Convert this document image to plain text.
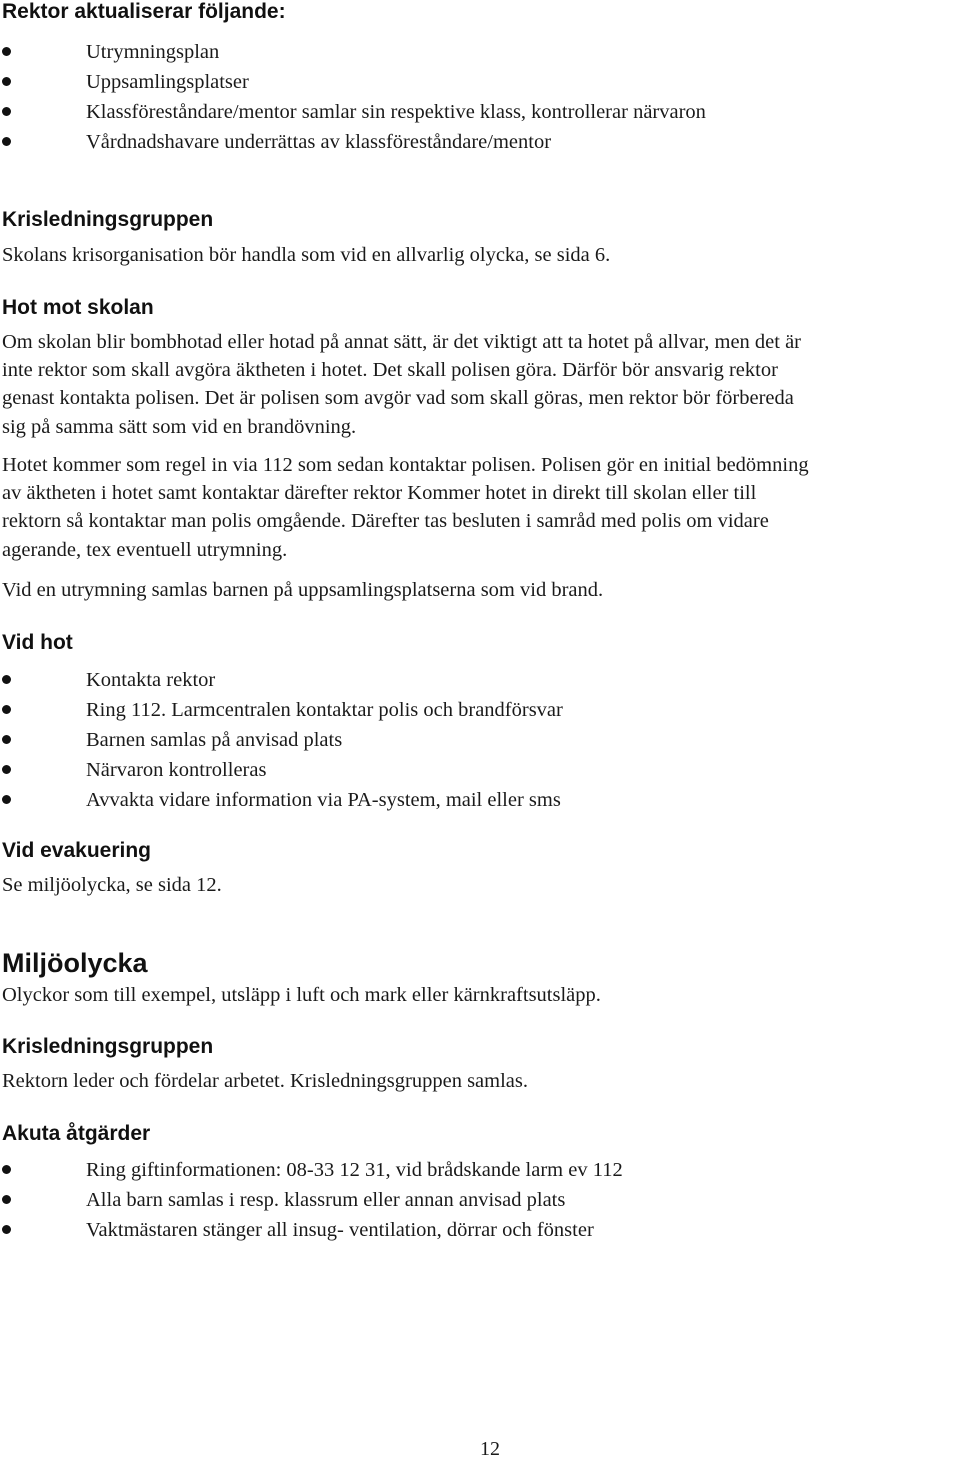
Rektor aktualiserar följande:
Utrymningsplan
Uppsamlingsplatser
Klassföreståndare/mentor samlar sin respektive klass, kontrollerar närvaron
Vårdnadshavare underrättas av klassföreståndare/mentor
Krisledningsgruppen

Skolans krisorganisation bör handla som vid en allvarlig olycka, se sida 6.

Hot mot skolan

Om skolan blir bombhotad eller hotad på annat sätt, är det viktigt att ta hotet på allvar, men det är
inte rektor som skall avgöra äktheten i hotet. Det skall polisen göra. Därför bör ansvarig rektor
genast kontakta polisen. Det är polisen som avgör vad som skall göras, men rektor bör förbereda
sig på samma sätt som vid en brandövning.

Hotet kommer som regel in via 112 som sedan kontaktar polisen. Polisen gör en initial bedömning
av äktheten i hotet samt kontaktar därefter rektor Kommer hotet in direkt till skolan eller till
rektorn så kontaktar man polis omgående. Därefter tas besluten i samråd med polis om vidare
agerande, tex eventuell utrymning.

Vid en utrymning samlas barnen på uppsamlingsplatserna som vid brand.

Vid hot
Kontakta rektor
Ring 112. Larmcentralen kontaktar polis och brandförsvar
Barnen samlas på anvisad plats
Närvaron kontrolleras
Avvakta vidare information via PA-system, mail eller sms
Vid evakuering

Se miljöolycka, se sida 12.

Miljöolycka

Olyckor som till exempel, utsläpp i luft och mark eller kärnkraftsutsläpp.

Krisledningsgruppen

Rektorn leder och fördelar arbetet. Krisledningsgruppen samlas.

Akuta åtgärder
Ring giftinformationen: 08-33 12 31, vid brådskande larm ev 112
Alla barn samlas i resp. klassrum eller annan anvisad plats
Vaktmästaren stänger all insug- ventilation, dörrar och fönster
12
